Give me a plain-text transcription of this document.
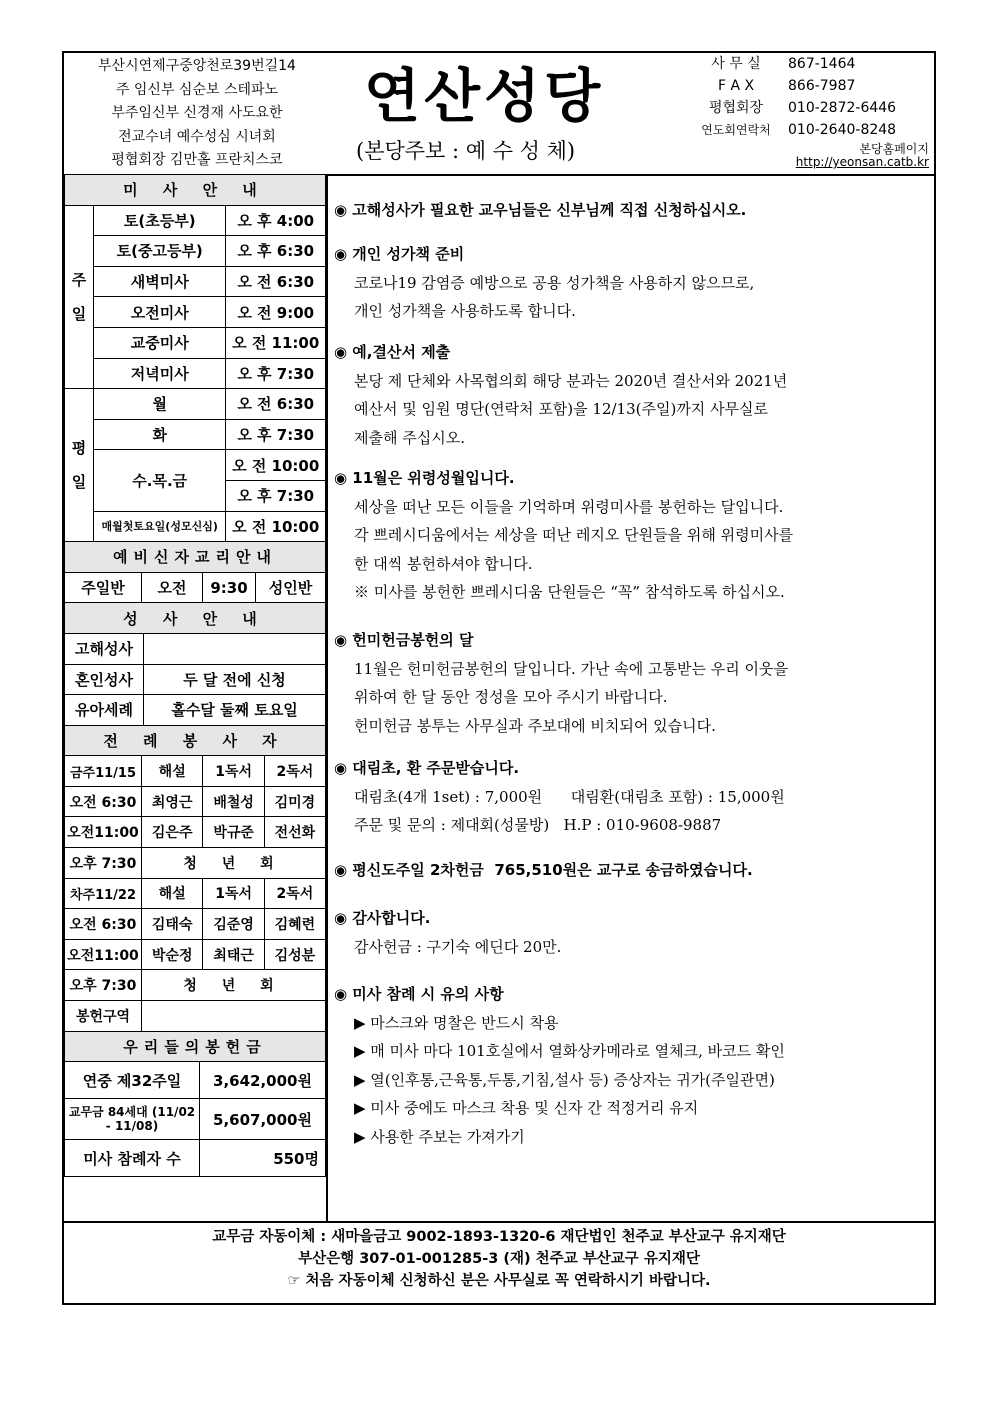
부산시연제구중앙천로39번길14
주 임신부 심순보 스테파노
부주임신부 신경재 사도요한
전교수녀 예수성심 시녀회
평협회장 김만홀 프란치스코
연산성당
(본당주보 : 예 수 성 체)
사 무 실	867-1464
F A X	866-7987
평협회장	010-2872-6446
연도회연락처	010-2640-8248
본당홈페이지
http://yeonsan.catb.kr
미 사 안 내
주일	토(초등부)	오 후 4:00
토(중고등부)	오 후 6:30
새벽미사	오 전 6:30
오전미사	오 전 9:00
교중미사	오 전 11:00
저녁미사	오 후 7:30
평일	월	오 전 6:30
화	오 후 7:30
수.목.금	오 전 10:00
오 후 7:30
매월첫토요일(성모신심)	오 전 10:00
예비신자교리안내

주일반	오전	9:30	성인반

성 사 안 내

고해성사	
혼인성사	두 달 전에 신청
유아세례	홀수달 둘째 토요일

전 례 봉 사 자

금주11/15	해설	1독서	2독서
오전 6:30	최영근	배철성	김미경
오전11:00	김은주	박규준	전선화
오후 7:30	청 년 회
차주11/22	해설	1독서	2독서
오전 6:30	김태숙	김준영	김혜련
오전11:00	박순정	최태근	김성분
오후 7:30	청 년 회
봉헌구역	

우리들의봉헌금

연중 제32주일	3,642,000원
교무금 84세대 (11/02 - 11/08)	5,607,000원
미사 참례자 수	550명
◉ 고해성사가 필요한 교우님들은 신부님께 직접 신청하십시오.
◉ 개인 성가책 준비
코로나19 감염증 예방으로 공용 성가책을 사용하지 않으므로,
개인 성가책을 사용하도록 합니다.
◉ 예,결산서 제출
본당 제 단체와 사목협의회 해당 분과는 2020년 결산서와 2021년
예산서 및 임원 명단(연락처 포함)을 12/13(주일)까지 사무실로
제출해 주십시오.
◉ 11월은 위령성월입니다.
세상을 떠난 모든 이들을 기억하며 위령미사를 봉헌하는 달입니다.
각 쁘레시디움에서는 세상을 떠난 레지오 단원들을 위해 위령미사를
한 대씩 봉헌하셔야 합니다.
※ 미사를 봉헌한 쁘레시디움 단원들은 “꼭” 참석하도록 하십시오.
◉ 헌미헌금봉헌의 달
11월은 헌미헌금봉헌의 달입니다. 가난 속에 고통받는 우리 이웃을
위하여 한 달 동안 정성을 모아 주시기 바랍니다.
헌미헌금 봉투는 사무실과 주보대에 비치되어 있습니다.
◉ 대림초, 환 주문받습니다.
대림초(4개 1set) : 7,000원      대림환(대림초 포함) : 15,000원
주문 및 문의 : 제대회(성물방)   H.P : 010-9608-9887
◉ 평신도주일 2차헌금  765,510원은 교구로 송금하였습니다.
◉ 감사합니다.
감사헌금 : 구기숙 에딘다 20만.
◉ 미사 참례 시 유의 사항
▶ 마스크와 명찰은 반드시 착용
▶ 매 미사 마다 101호실에서 열화상카메라로 열체크, 바코드 확인
▶ 열(인후통,근육통,두통,기침,설사 등) 증상자는 귀가(주일관면)
▶ 미사 중에도 마스크 착용 및 신자 간 적정거리 유지
▶ 사용한 주보는 가져가기
교무금 자동이체 : 새마을금고 9002-1893-1320-6 재단법인 천주교 부산교구 유지재단
부산은행 307-01-001285-3 (재) 천주교 부산교구 유지재단
☞ 처음 자동이체 신청하신 분은 사무실로 꼭 연락하시기 바랍니다.
